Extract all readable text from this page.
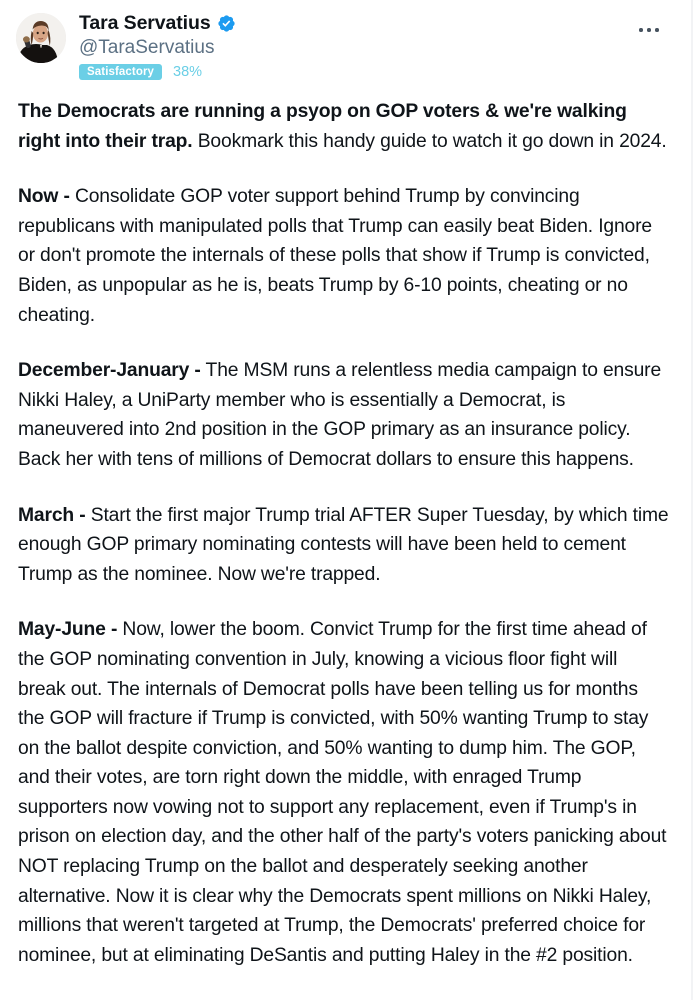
Tara Servatius
@TaraServatius
Satisfactory	38%

The Democrats are running a psyop on GOP voters & we're walking right into their trap. Bookmark this handy guide to watch it go down in 2024.

Now - Consolidate GOP voter support behind Trump by convincing republicans with manipulated polls that Trump can easily beat Biden. Ignore or don't promote the internals of these polls that show if Trump is convicted, Biden, as unpopular as he is, beats Trump by 6-10 points, cheating or no cheating.

December-January - The MSM runs a relentless media campaign to ensure Nikki Haley, a UniParty member who is essentially a Democrat, is maneuvered into 2nd position in the GOP primary as an insurance policy. Back her with tens of millions of Democrat dollars to ensure this happens.

March - Start the first major Trump trial AFTER Super Tuesday, by which time enough GOP primary nominating contests will have been held to cement Trump as the nominee. Now we're trapped.

May-June - Now, lower the boom. Convict Trump for the first time ahead of the GOP nominating convention in July, knowing a vicious floor fight will break out. The internals of Democrat polls have been telling us for months the GOP will fracture if Trump is convicted, with 50% wanting Trump to stay on the ballot despite conviction, and 50% wanting to dump him. The GOP, and their votes, are torn right down the middle, with enraged Trump supporters now vowing not to support any replacement, even if Trump's in prison on election day, and the other half of the party's voters panicking about NOT replacing Trump on the ballot and desperately seeking another alternative. Now it is clear why the Democrats spent millions on Nikki Haley, millions that weren't targeted at Trump, the Democrats' preferred choice for nominee, but at eliminating DeSantis and putting Haley in the #2 position.
